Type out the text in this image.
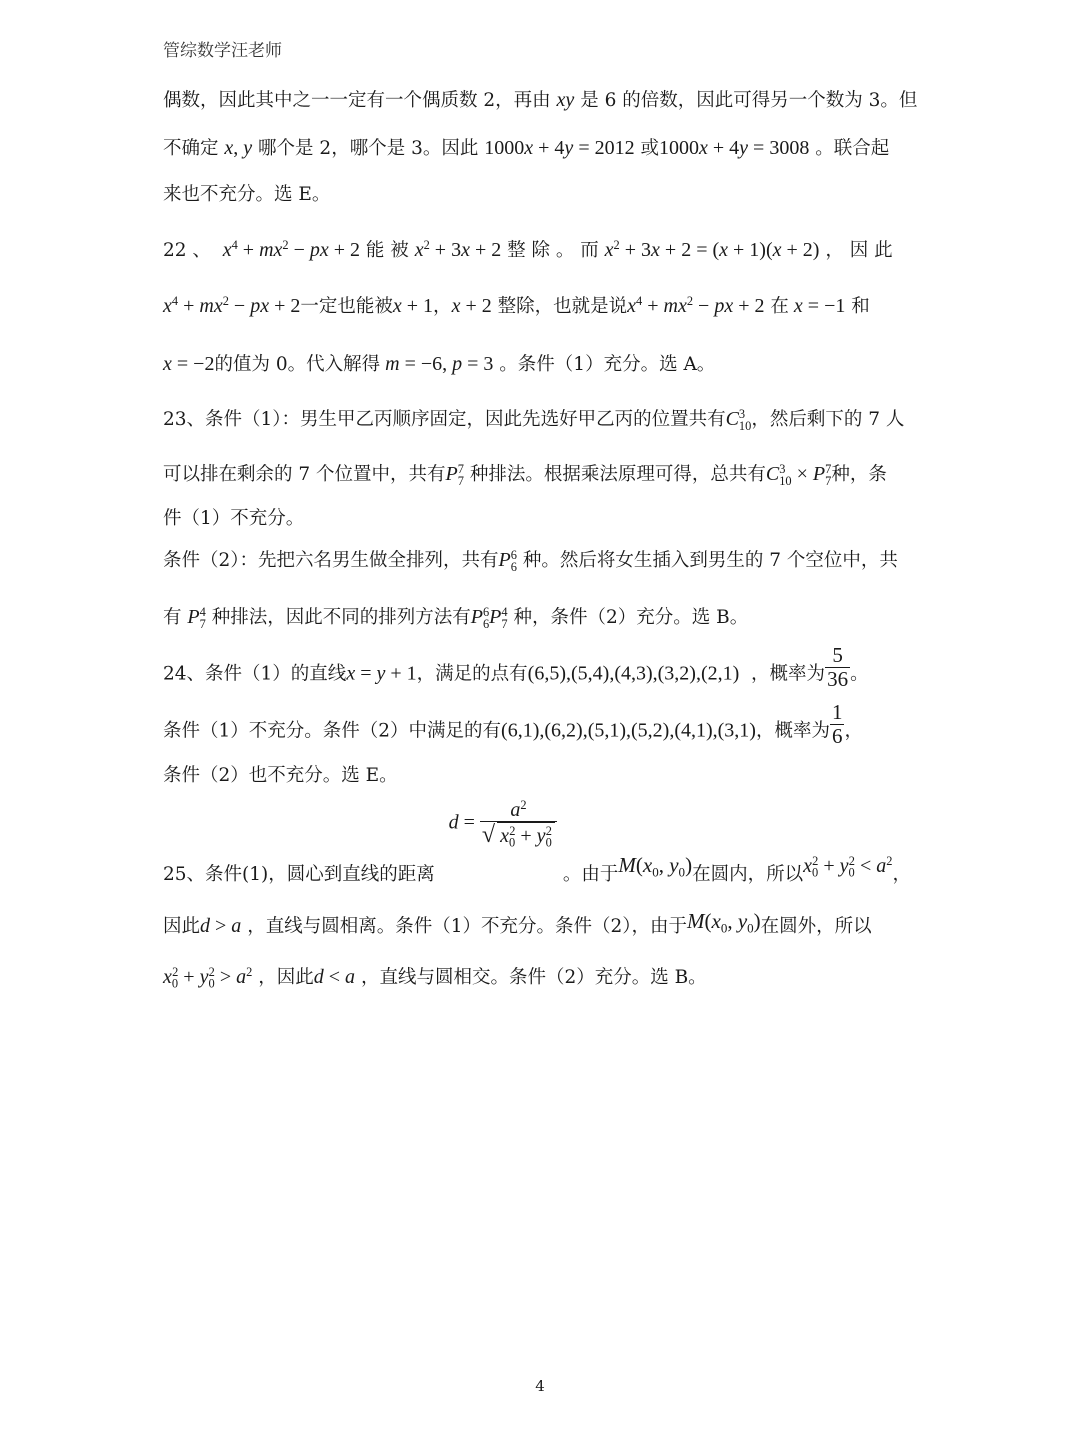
管综数学汪老师
偶数，因此其中之一一定有一个偶质数 2，再由 xy 是 6 的倍数，因此可得另一个数为 3。但
不确定 x, y 哪个是 2，哪个是 3。因此 1000x + 4y = 2012 或1000x + 4y = 3008 。联合起
来也不充分。选 E。
22 、 $x^4 + mx^2$ − px + 2 能 被 $x^2 + 3x + 2$ 整 除 。 而 $x^2 + 3x + 2 = (x + 1)(x + 2)$ ， 因 此
$x^4 + mx^2$ − px + 2一定也能被x + 1，x + 2 整除，也就是说$x^4 + mx^2$ − px + 2 在 x = −1 和
x = −2的值为 0。代入解得 m = −6, p = 3 。条件（1）充分。选 A。
23、条件（1）：男生甲乙丙顺序固定，因此先选好甲乙丙的位置共有C 3
10 ，然后剩下的 7 人
可以排在剩余的 7 个位置中，共有P 7
7 种排法。根据乘法原理可得，总共有C 3
10 × P 7
7 种，条
件（1）不充分。
条件（2）：先把六名男生做全排列，共有P 6
6 种。然后将女生插入到男生的 7 个空位中，共
有 P 4
7 种排法，因此不同的排列方法有P 6
6 P 4
7 种，条件（2）充分。选 B。
24、条件（1）的直线x = y + 1，满足的点有(6,5),(5,4),(4,3),(3,2),(2,1) ，概率为 $\frac{5}{36}$ 。
条件（1）不充分。条件（2）中满足的有(6,1),(6,2),(5,1),(5,2),(4,1),(3,1)，概率为 $\frac{1}{6}$ ，
条件（2）也不充分。选 E。
25、条件(1)，圆心到直线的距离 $d = \frac{a^2}{√ x_0^2 + y_0^2}$
。由于$M(x_0$, $y_0$)在圆内，所以$x_0^2 + y_0^2 < a^2$，
因此d > a ，直线与圆相离。条件（1）不充分。条件（2），由于$M(x_0$, $y_0$)在圆外，所以
$x_0^2 + y_0^2 > a^2$ ，因此d < a ，直线与圆相交。条件（2）充分。选 B。
4
